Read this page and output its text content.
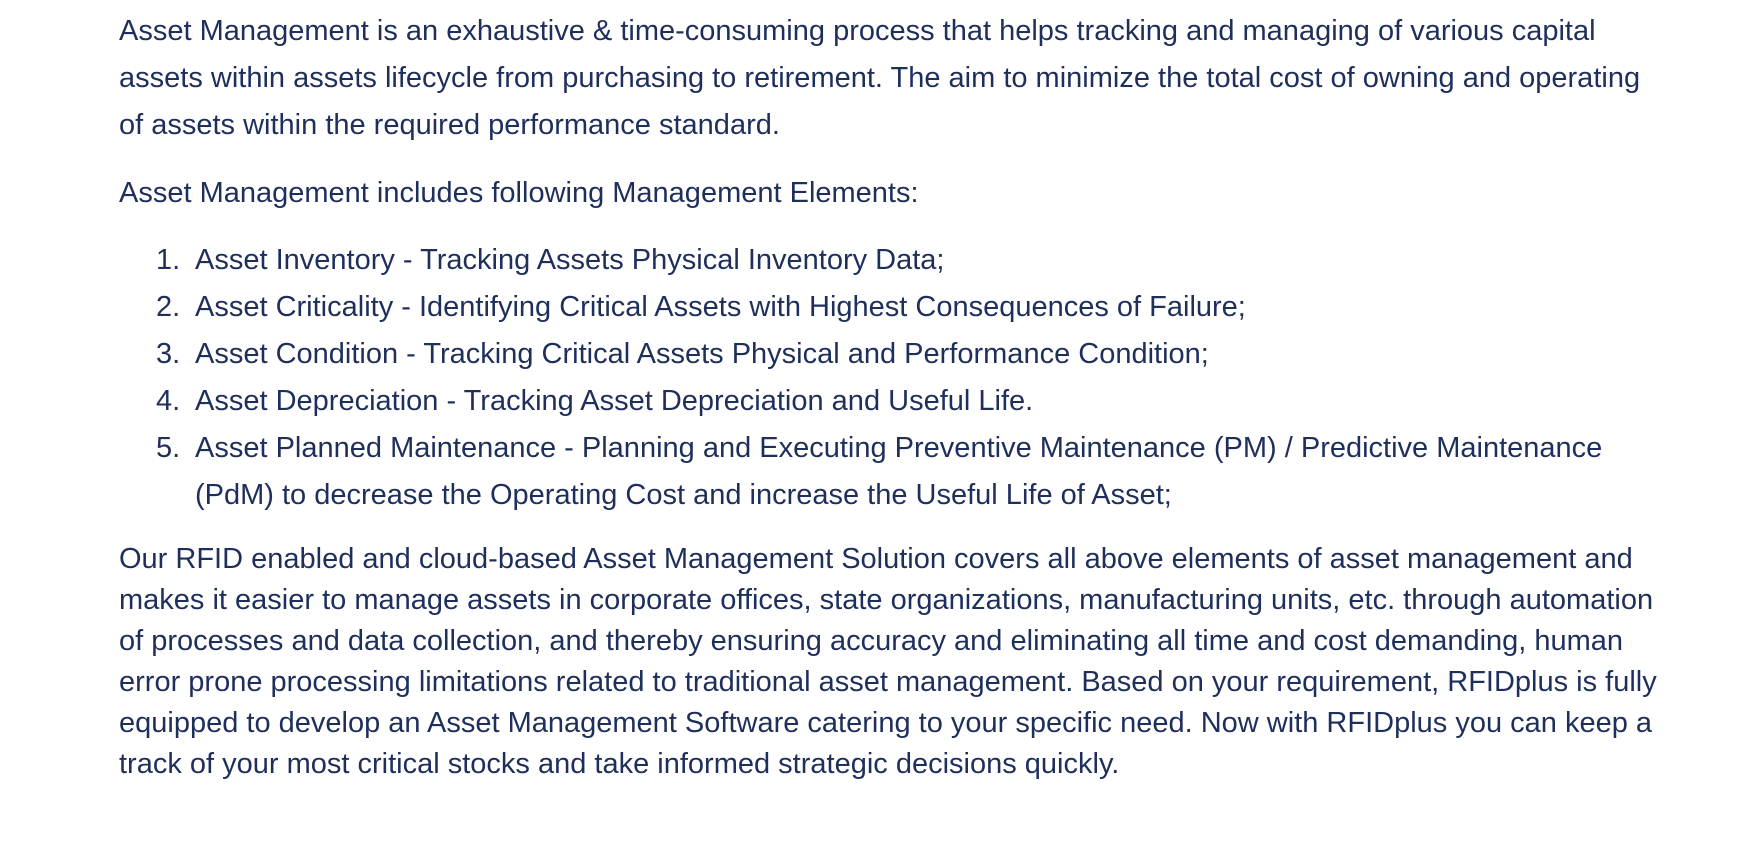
Asset Management is an exhaustive & time-consuming process that helps tracking and managing of various capital assets within assets lifecycle from purchasing to retirement. The aim to minimize the total cost of owning and operating of assets within the required performance standard.

Asset Management includes following Management Elements:

1. Asset Inventory - Tracking Assets Physical Inventory Data;
2. Asset Criticality - Identifying Critical Assets with Highest Consequences of Failure;
3. Asset Condition - Tracking Critical Assets Physical and Performance Condition;
4. Asset Depreciation - Tracking Asset Depreciation and Useful Life.
5. Asset Planned Maintenance - Planning and Executing Preventive Maintenance (PM) / Predictive Maintenance (PdM) to decrease the Operating Cost and increase the Useful Life of Asset;

Our RFID enabled and cloud-based Asset Management Solution covers all above elements of asset management and makes it easier to manage assets in corporate offices, state organizations, manufacturing units, etc. through automation of processes and data collection, and thereby ensuring accuracy and eliminating all time and cost demanding, human error prone processing limitations related to traditional asset management. Based on your requirement, RFIDplus is fully equipped to develop an Asset Management Software catering to your specific need. Now with RFIDplus you can keep a track of your most critical stocks and take informed strategic decisions quickly.
